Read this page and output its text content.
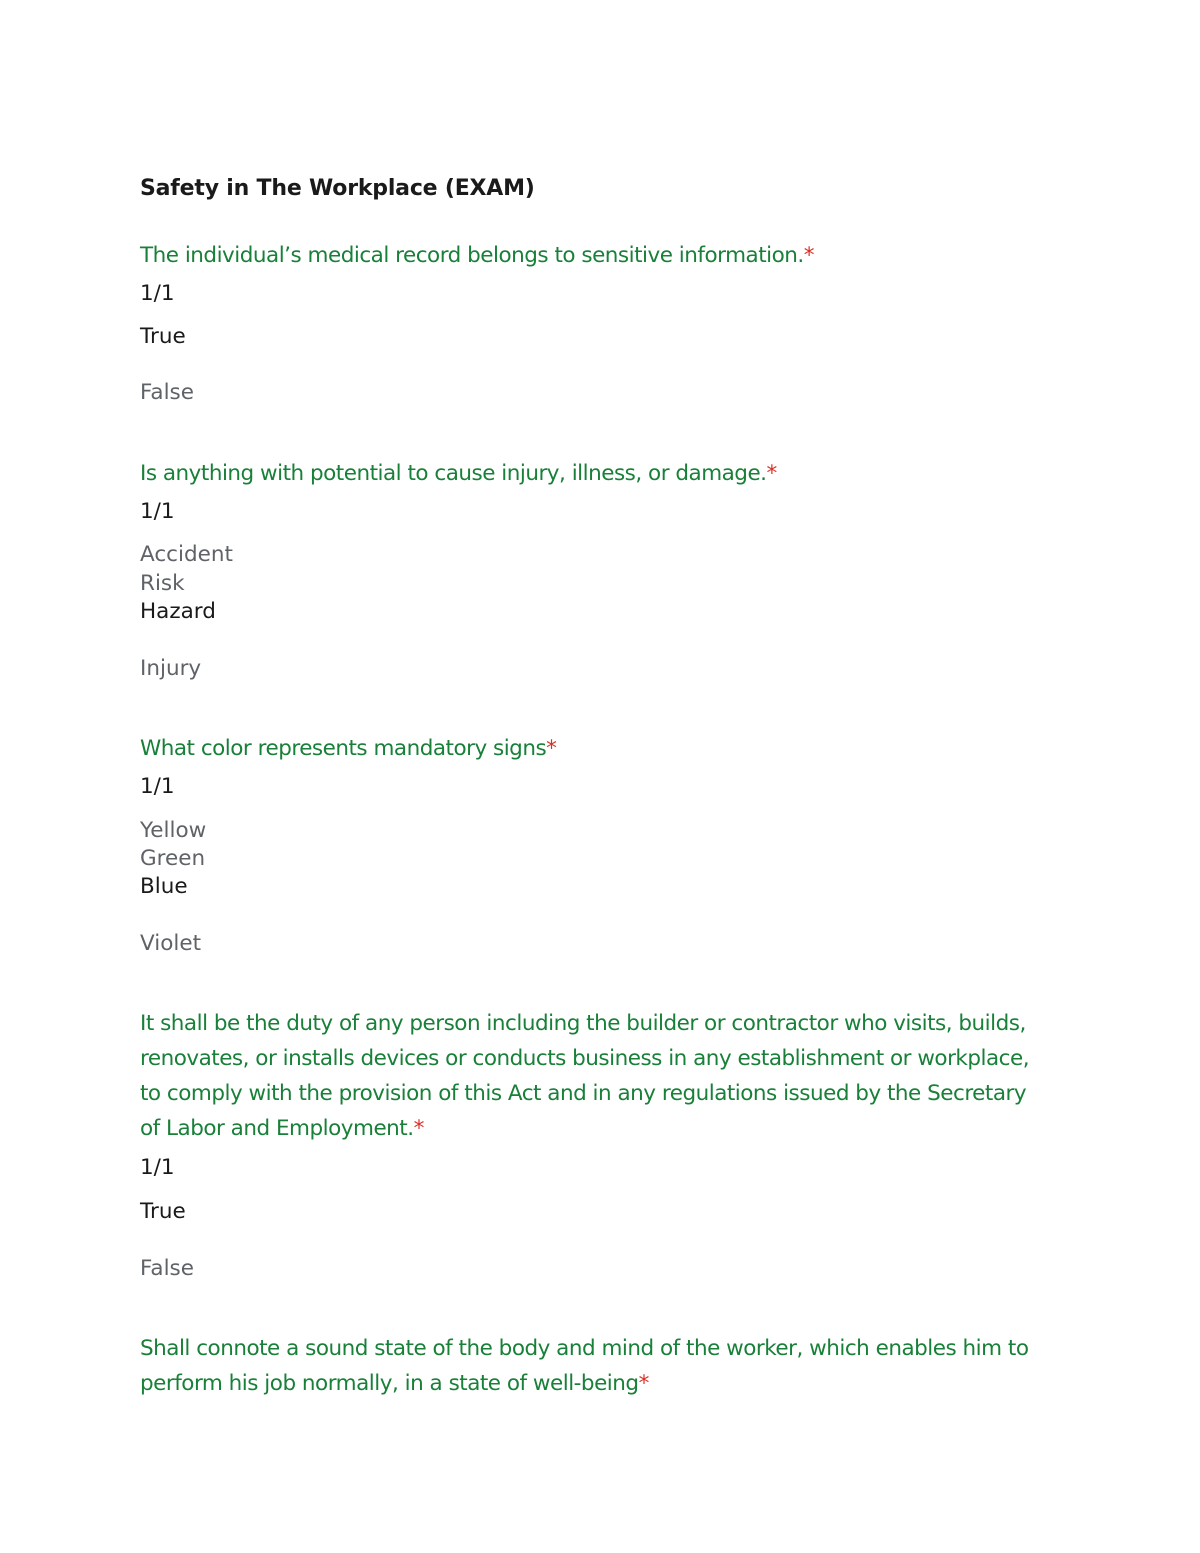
Safety in The Workplace (EXAM)
The individual’s medical record belongs to sensitive information.*
1/1
True
False
Is anything with potential to cause injury, illness, or damage.*
1/1
Accident
Risk
Hazard
Injury
What color represents mandatory signs*
1/1
Yellow
Green
Blue
Violet
It shall be the duty of any person including the builder or contractor who visits, builds, renovates, or installs devices or conducts business in any establishment or workplace, to comply with the provision of this Act and in any regulations issued by the Secretary of Labor and Employment.*
1/1
True
False
Shall connote a sound state of the body and mind of the worker, which enables him to perform his job normally, in a state of well-being*
